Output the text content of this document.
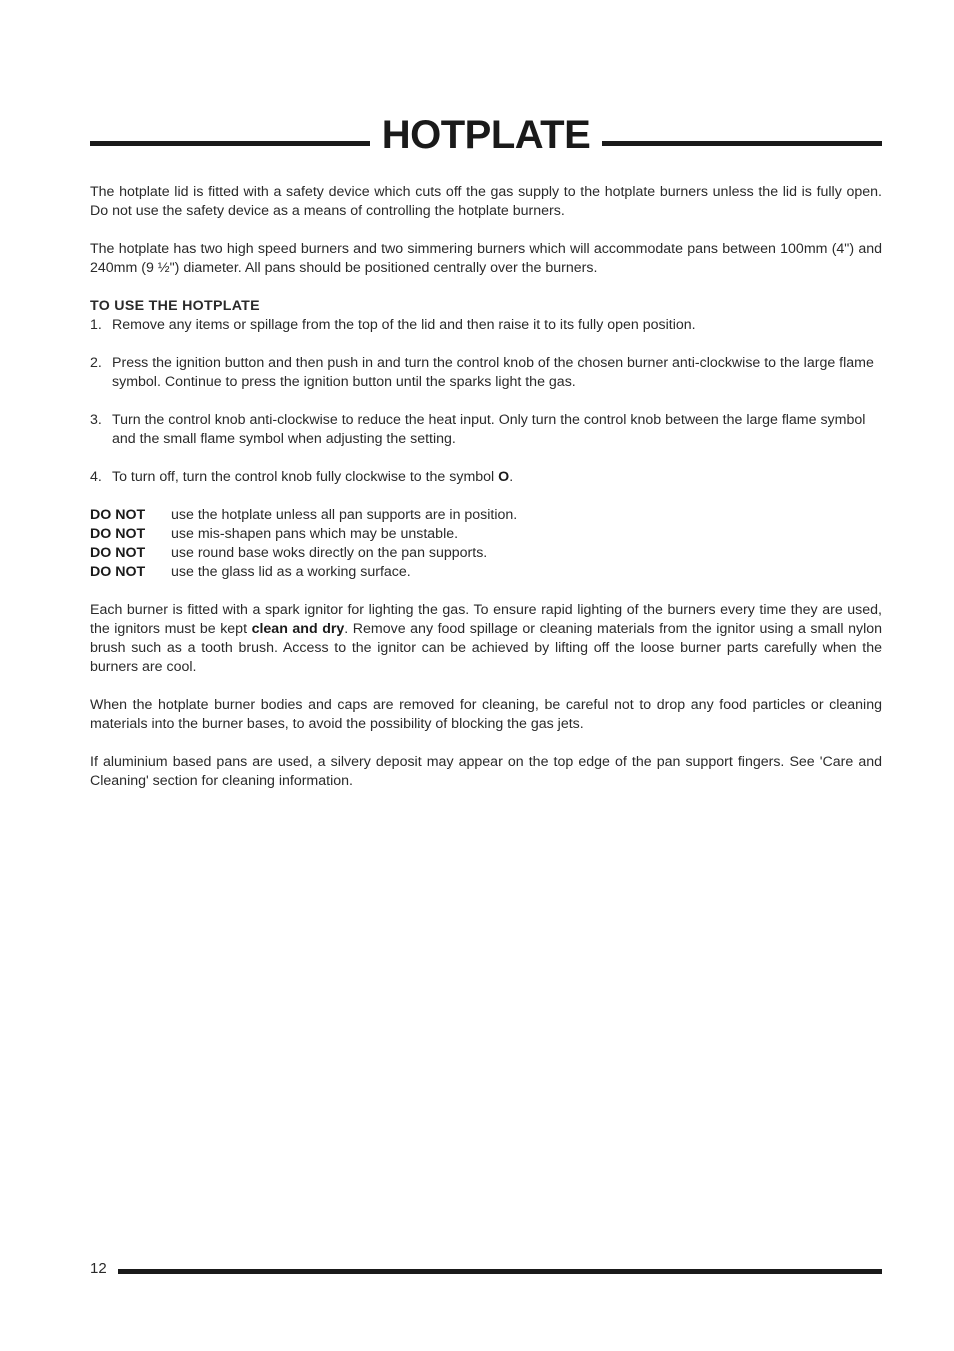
HOTPLATE

The hotplate lid is fitted with a safety device which cuts off the gas supply to the hotplate burners unless the lid is fully open. Do not use the safety device as a means of controlling the hotplate burners.

The hotplate has two high speed burners and two simmering burners which will accommodate pans between 100mm (4") and 240mm (9 ½") diameter. All pans should be positioned centrally over the burners.

TO USE THE HOTPLATE
1. Remove any items or spillage from the top of the lid and then raise it to its fully open position.
2. Press the ignition button and then push in and turn the control knob of the chosen burner anti-clockwise to the large flame symbol. Continue to press the ignition button until the sparks light the gas.
3. Turn the control knob anti-clockwise to reduce the heat input. Only turn the control knob between the large flame symbol and the small flame symbol when adjusting the setting.
4. To turn off, turn the control knob fully clockwise to the symbol O.
DO NOT	use the hotplate unless all pan supports are in position.
DO NOT	use mis-shapen pans which may be unstable.
DO NOT	use round base woks directly on the pan supports.
DO NOT	use the glass lid as a working surface.

Each burner is fitted with a spark ignitor for lighting the gas. To ensure rapid lighting of the burners every time they are used, the ignitors must be kept clean and dry. Remove any food spillage or cleaning materials from the ignitor using a small nylon brush such as a tooth brush. Access to the ignitor can be achieved by lifting off the loose burner parts carefully when the burners are cool.

When the hotplate burner bodies and caps are removed for cleaning, be careful not to drop any food particles or cleaning materials into the burner bases, to avoid the possibility of blocking the gas jets.

If aluminium based pans are used, a silvery deposit may appear on the top edge of the pan support fingers. See 'Care and Cleaning' section for cleaning information.

12
